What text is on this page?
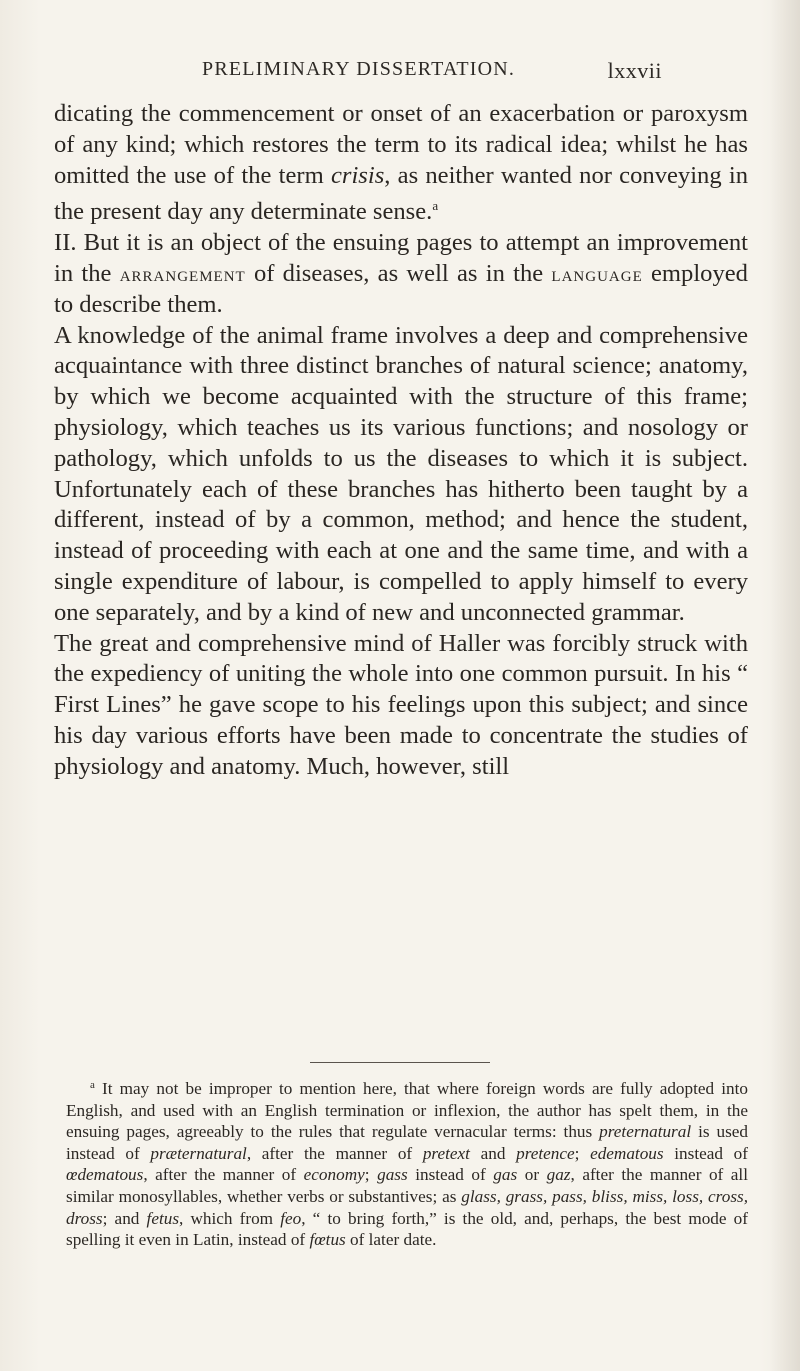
PRELIMINARY DISSERTATION.	lxxvii

dicating the commencement or onset of an exacerbation or paroxysm of any kind; which restores the term to its radical idea; whilst he has omitted the use of the term crisis, as neither wanted nor conveying in the present day any determinate sense.$^a$

II. But it is an object of the ensuing pages to attempt an improvement in the arrangement of diseases, as well as in the language employed to describe them.

A knowledge of the animal frame involves a deep and comprehensive acquaintance with three distinct branches of natural science; anatomy, by which we become acquainted with the structure of this frame; physiology, which teaches us its various functions; and nosology or pathology, which unfolds to us the diseases to which it is subject. Unfortunately each of these branches has hitherto been taught by a different, instead of by a common, method; and hence the student, instead of proceeding with each at one and the same time, and with a single expenditure of labour, is compelled to apply himself to every one separately, and by a kind of new and unconnected grammar.

The great and comprehensive mind of Haller was forcibly struck with the expediency of uniting the whole into one common pursuit. In his “ First Lines” he gave scope to his feelings upon this subject; and since his day various efforts have been made to concentrate the studies of physiology and anatomy. Much, however, still

$^a$ It may not be improper to mention here, that where foreign words are fully adopted into English, and used with an English termination or inflexion, the author has spelt them, in the ensuing pages, agreeably to the rules that regulate vernacular terms: thus preternatural is used instead of præternatural, after the manner of pretext and pretence; edematous instead of œdematous, after the manner of economy; gass instead of gas or gaz, after the manner of all similar monosyllables, whether verbs or substantives; as glass, grass, pass, bliss, miss, loss, cross, dross; and fetus, which from feo, “ to bring forth,” is the old, and, perhaps, the best mode of spelling it even in Latin, instead of fœtus of later date.
